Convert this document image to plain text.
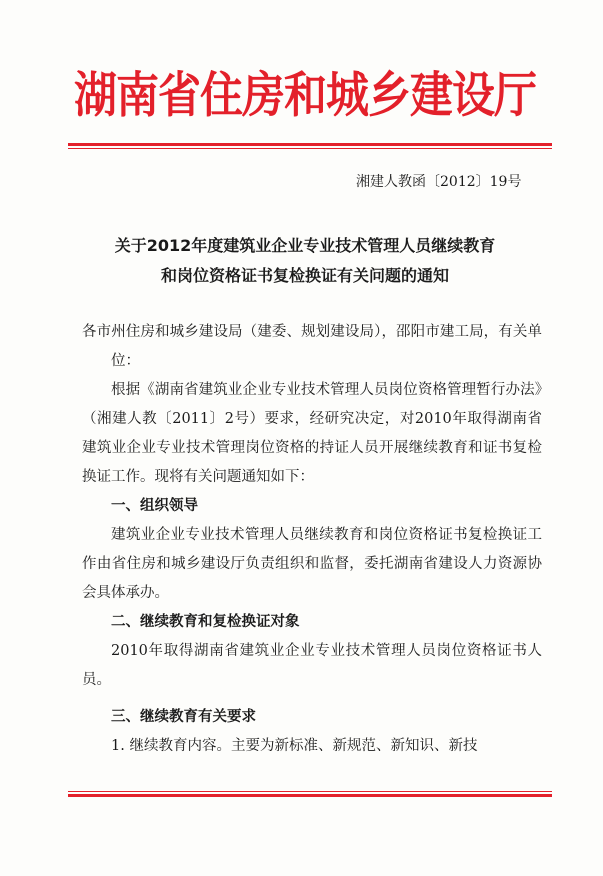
湖南省住房和城乡建设厅
湘建人教函〔2012〕19号
关于2012年度建筑业企业专业技术管理人员继续教育
和岗位资格证书复检换证有关问题的通知

各市州住房和城乡建设局（建委、规划建设局），邵阳市建工局，有关单位：

根据《湖南省建筑业企业专业技术管理人员岗位资格管理暂行办法》（湘建人教〔2011〕2号）要求，经研究决定，对2010年取得湖南省建筑业企业专业技术管理岗位资格的持证人员开展继续教育和证书复检换证工作。现将有关问题通知如下：

一、组织领导

建筑业企业专业技术管理人员继续教育和岗位资格证书复检换证工作由省住房和城乡建设厅负责组织和监督，委托湖南省建设人力资源协会具体承办。

二、继续教育和复检换证对象

2010年取得湖南省建筑业企业专业技术管理人员岗位资格证书人员。

三、继续教育有关要求

1. 继续教育内容。主要为新标准、新规范、新知识、新技
